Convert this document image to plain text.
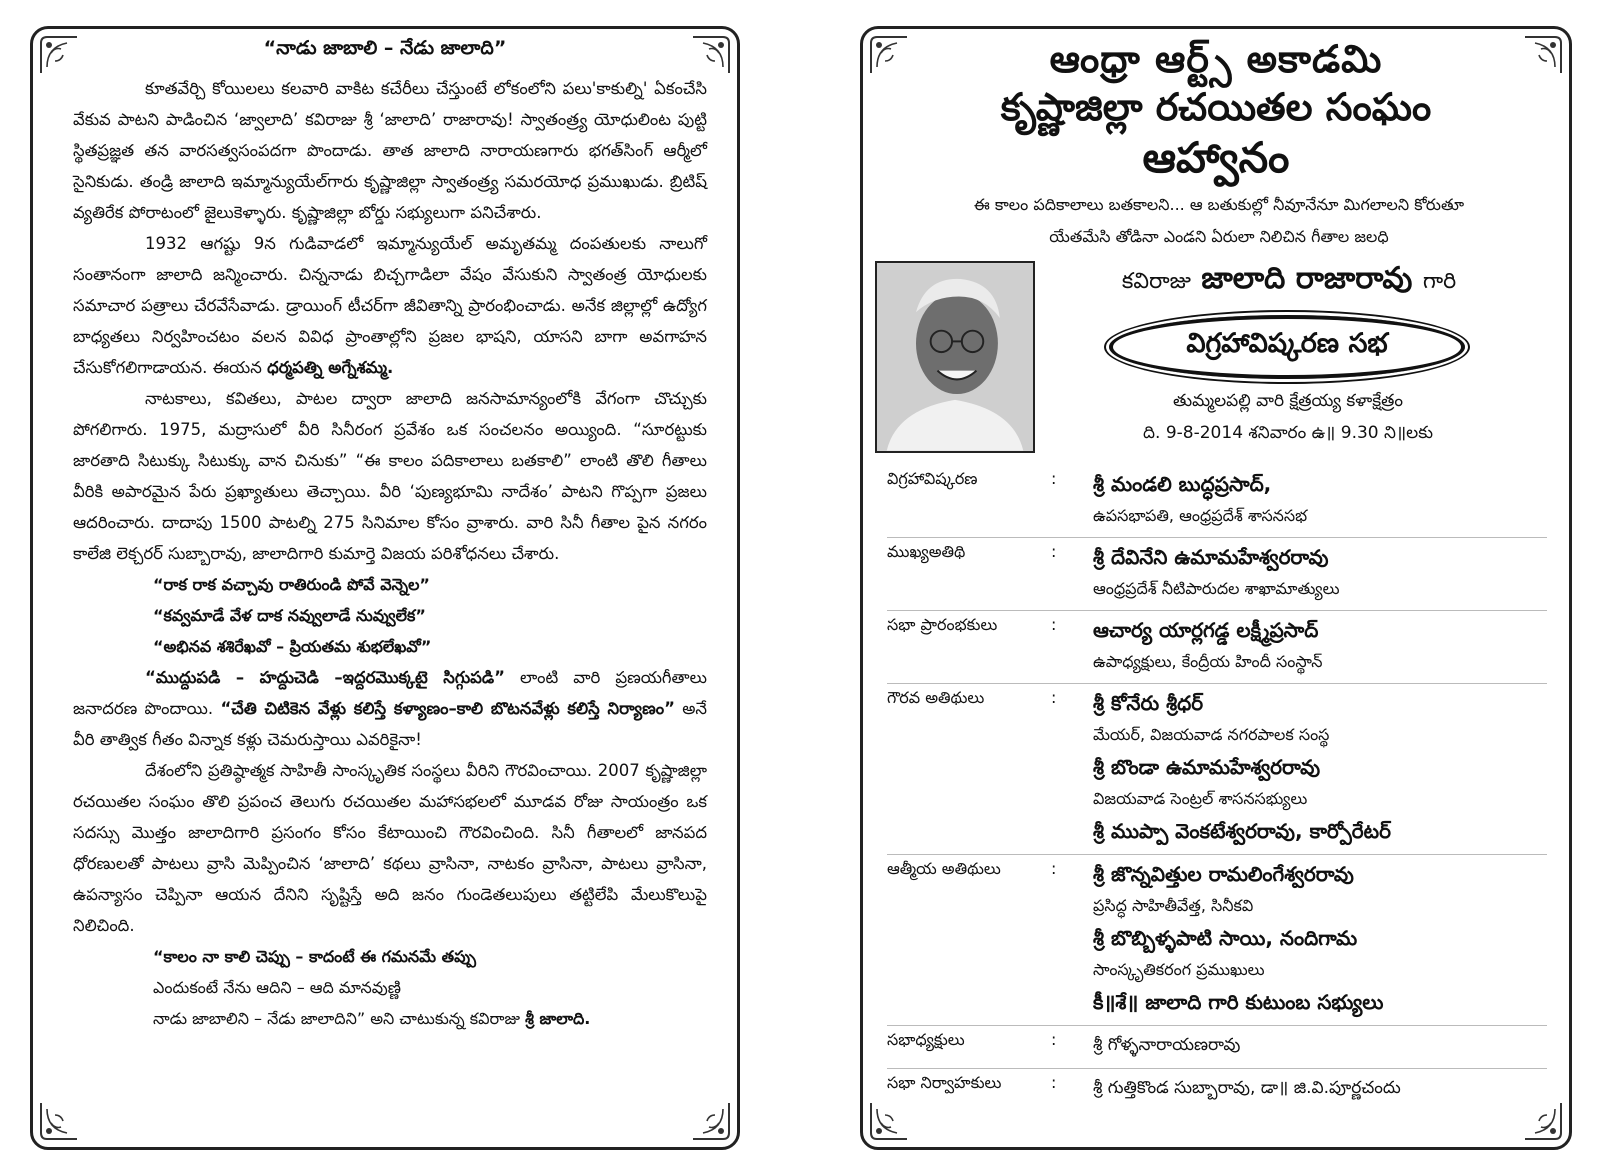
“నాడు జాబాలి – నేడు జాలాది”

కూతవేర్చి కోయిలలు కలవారి వాకిట కచేరీలు చేస్తుంటే లోకంలోని పలు'కాకుల్ని' ఏకంచేసి వేకువ పాటని పాడించిన ‘జ్వాలాది’ కవిరాజు శ్రీ ‘జాలాది’ రాజారావు! స్వాతంత్ర్య యోధులింట పుట్టి స్థితప్రజ్ఞత తన వారసత్వసంపదగా పొందాడు. తాత జాలాది నారాయణగారు భగత్‌సింగ్ ఆర్మీలో సైనికుడు. తండ్రి జాలాది ఇమ్మాన్యుయేల్‌గారు కృష్ణాజిల్లా స్వాతంత్ర్య సమరయోధ ప్రముఖుడు. బ్రిటిష్ వ్యతిరేక పోరాటంలో జైలుకెళ్ళారు. కృష్ణాజిల్లా బోర్డు సభ్యులుగా పనిచేశారు.

1932 ఆగష్టు 9న గుడివాడలో ఇమ్మాన్యుయేల్ అమృతమ్మ దంపతులకు నాలుగో సంతానంగా జాలాది జన్మించారు. చిన్ననాడు బిచ్చగాడిలా వేషం వేసుకుని స్వాతంత్ర యోధులకు సమాచార పత్రాలు చేరవేసేవాడు. డ్రాయింగ్ టీచర్‌గా జీవితాన్ని ప్రారంభించాడు. అనేక జిల్లాల్లో ఉద్యోగ బాధ్యతలు నిర్వహించటం వలన వివిధ ప్రాంతాల్లోని ప్రజల భాషని, యాసని బాగా అవగాహన చేసుకోగలిగాడాయన. ఈయన ధర్మపత్ని అగ్నేశమ్మ.

నాటకాలు, కవితలు, పాటల ద్వారా జాలాది జనసామాన్యంలోకి వేగంగా చొచ్చుకు పోగలిగారు. 1975, మద్రాసులో వీరి సినీరంగ ప్రవేశం ఒక సంచలనం అయ్యింది. “సూరట్టుకు జారతాది సిటుక్కు సిటుక్కు వాన చినుకు” “ఈ కాలం పదికాలాలు బతకాలి” లాంటి తొలి గీతాలు వీరికి అపారమైన పేరు ప్రఖ్యాతులు తెచ్చాయి. వీరి ‘పుణ్యభూమి నాదేశం’ పాటని గొప్పగా ప్రజలు ఆదరించారు. దాదాపు 1500 పాటల్ని 275 సినిమాల కోసం వ్రాశారు. వారి సినీ గీతాల పైన నగరం కాలేజి లెక్చరర్ సుబ్బారావు, జాలాదిగారి కుమార్తె విజయ పరిశోధనలు చేశారు.

“రాక రాక వచ్చావు రాతిరుండి పోవే వెన్నెల”

“కవ్వమాడే వేళ దాక నవ్వులాడే నువ్వులేక”

“అభినవ శశిరేఖవో – ప్రియతమ శుభలేఖవో”

“ముద్దుపడి – హద్దుచెడి –ఇద్దరమొక్కటై సిగ్గుపడి” లాంటి వారి ప్రణయగీతాలు జనాదరణ పొందాయి. “చేతి చిటికెన వేళ్లు కలిస్తే కళ్యాణం–కాలి బొటనవేళ్లు కలిస్తే నిర్యాణం” అనే వీరి తాత్విక గీతం విన్నాక కళ్లు చెమరుస్తాయి ఎవరికైనా!

దేశంలోని ప్రతిష్ఠాత్మక సాహితీ సాంస్కృతిక సంస్థలు వీరిని గౌరవించాయి. 2007 కృష్ణాజిల్లా రచయితల సంఘం తొలి ప్రపంచ తెలుగు రచయితల మహాసభలలో మూడవ రోజు సాయంత్రం ఒక సదస్సు మొత్తం జాలాదిగారి ప్రసంగం కోసం కేటాయించి గౌరవించింది. సినీ గీతాలలో జానపద ధోరణులతో పాటలు వ్రాసి మెప్పించిన ‘జాలాది’ కథలు వ్రాసినా, నాటకం వ్రాసినా, పాటలు వ్రాసినా, ఉపన్యాసం చెప్పినా ఆయన దేనిని సృష్టిస్తే అది జనం గుండెతలుపులు తట్టిలేపి మేలుకొలుపై నిలిచింది.

“కాలం నా కాలి చెప్పు – కాదంటే ఈ గమనమే తప్పు

ఎందుకంటే నేను ఆదిని – ఆది మానవుణ్ణి

నాడు జాబాలిని – నేడు జాలాదిని” అని చాటుకున్న కవిరాజు శ్రీ జాలాది.

ఆంధ్రా ఆర్ట్స్ అకాడమి
కృష్ణాజిల్లా రచయితల సంఘం
ఆహ్వానం
ఈ కాలం పదికాలాలు బతకాలని... ఆ బతుకుల్లో నీవూనేనూ మిగలాలని కోరుతూ
యేతమేసి తోడినా ఎండని ఏరులా నిలిచిన గీతాల జలధి
కవిరాజు జాలాది రాజారావు గారి
విగ్రహావిష్కరణ సభ
తుమ్మలపల్లి వారి క్షేత్రయ్య కళాక్షేత్రం
ది. 9-8-2014 శనివారం ఉ॥ 9.30 ని॥లకు
విగ్రహావిష్కరణ	: శ్రీ మండలి బుద్ధప్రసాద్,
ఉపసభాపతి, ఆంధ్రప్రదేశ్ శాసనసభ
ముఖ్యఅతిథి	: శ్రీ దేవినేని ఉమామహేశ్వరరావు
ఆంధ్రప్రదేశ్ నీటిపారుదల శాఖామాత్యులు
సభా ప్రారంభకులు	: ఆచార్య యార్లగడ్డ లక్ష్మీప్రసాద్
ఉపాధ్యక్షులు, కేంద్రీయ హిందీ సంస్థాన్
గౌరవ అతిథులు	: శ్రీ కోనేరు శ్రీధర్
మేయర్, విజయవాడ నగరపాలక సంస్థ
శ్రీ బొండా ఉమామహేశ్వరరావు
విజయవాడ సెంట్రల్ శాసనసభ్యులు
శ్రీ ముప్పా వెంకటేశ్వరరావు, కార్పోరేటర్
ఆత్మీయ అతిథులు	: శ్రీ జొన్నవిత్తుల రామలింగేశ్వరరావు
ప్రసిద్ధ సాహితీవేత్త, సినీకవి
శ్రీ బొబ్బిళ్ళపాటి సాయి, నందిగామ
సాంస్కృతికరంగ ప్రముఖులు
కీ॥శే॥ జాలాది గారి కుటుంబ సభ్యులు
సభాధ్యక్షులు	: శ్రీ గోళ్ళనారాయణరావు
సభా నిర్వాహకులు	: శ్రీ గుత్తికొండ సుబ్బారావు, డా॥ జి.వి.పూర్ణచందు
